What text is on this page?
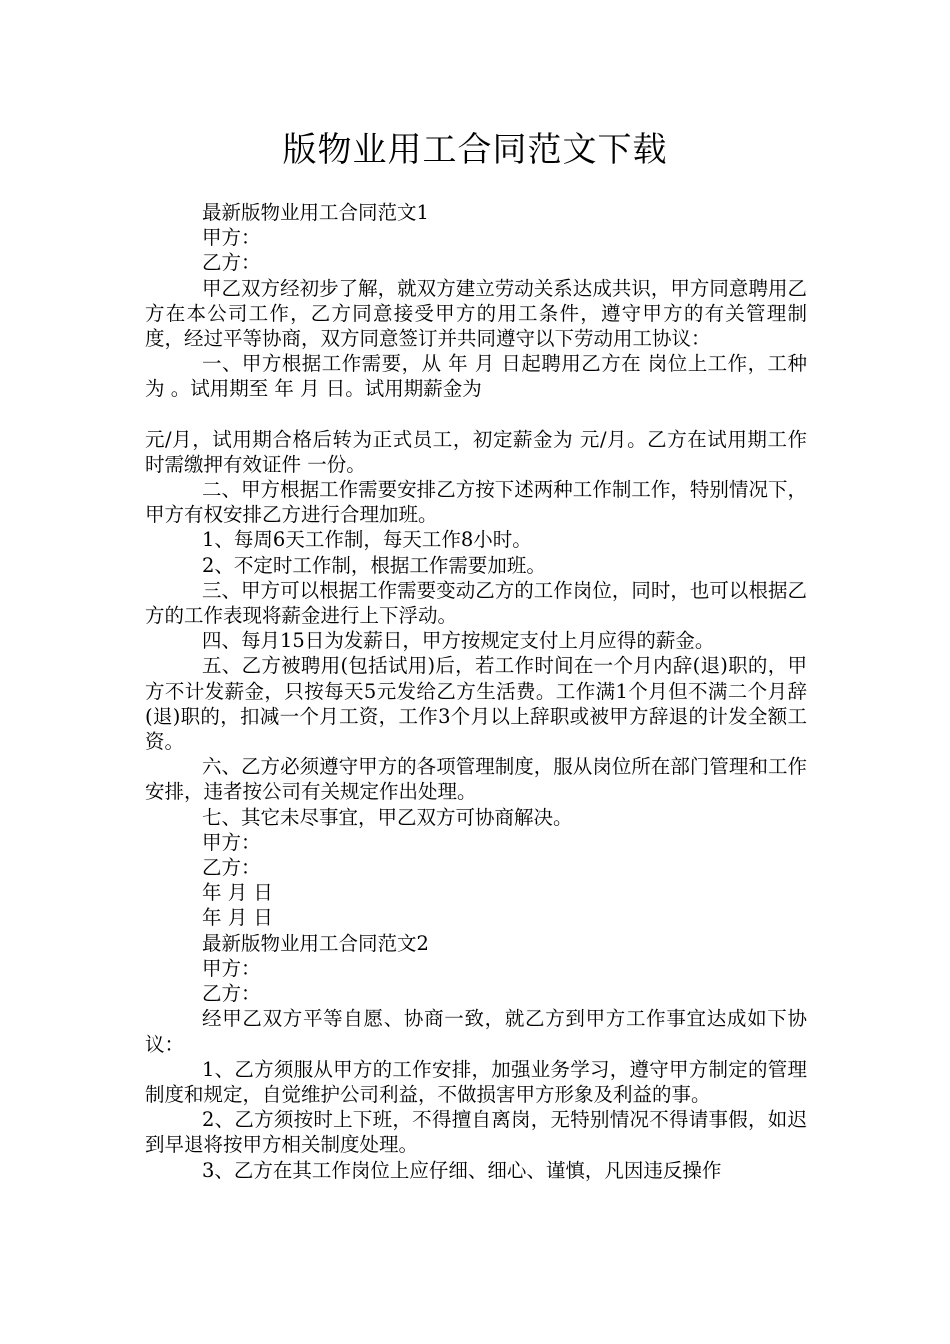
版物业用工合同范文下载

最新版物业用工合同范文1

甲方：

乙方：

甲乙双方经初步了解，就双方建立劳动关系达成共识，甲方同意聘用乙方在本公司工作，乙方同意接受甲方的用工条件，遵守甲方的有关管理制度，经过平等协商，双方同意签订并共同遵守以下劳动用工协议：

一、甲方根据工作需要，从 年 月 日起聘用乙方在 岗位上工作，工种为 。试用期至 年 月 日。试用期薪金为

元/月，试用期合格后转为正式员工，初定薪金为 元/月。乙方在试用期工作时需缴押有效证件 一份。

二、甲方根据工作需要安排乙方按下述两种工作制工作，特别情况下，甲方有权安排乙方进行合理加班。

1、每周6天工作制，每天工作8小时。

2、不定时工作制，根据工作需要加班。

三、甲方可以根据工作需要变动乙方的工作岗位，同时，也可以根据乙方的工作表现将薪金进行上下浮动。

四、每月15日为发薪日，甲方按规定支付上月应得的薪金。

五、乙方被聘用(包括试用)后，若工作时间在一个月内辞(退)职的，甲方不计发薪金，只按每天5元发给乙方生活费。工作满1个月但不满二个月辞(退)职的，扣减一个月工资，工作3个月以上辞职或被甲方辞退的计发全额工资。

六、乙方必须遵守甲方的各项管理制度，服从岗位所在部门管理和工作安排，违者按公司有关规定作出处理。

七、其它未尽事宜，甲乙双方可协商解决。

甲方：

乙方：

年 月 日

年 月 日

最新版物业用工合同范文2

甲方：

乙方：

经甲乙双方平等自愿、协商一致，就乙方到甲方工作事宜达成如下协议：

1、乙方须服从甲方的工作安排，加强业务学习，遵守甲方制定的管理制度和规定，自觉维护公司利益，不做损害甲方形象及利益的事。

2、乙方须按时上下班，不得擅自离岗，无特别情况不得请事假，如迟到早退将按甲方相关制度处理。

3、乙方在其工作岗位上应仔细、细心、谨慎，凡因违反操作
